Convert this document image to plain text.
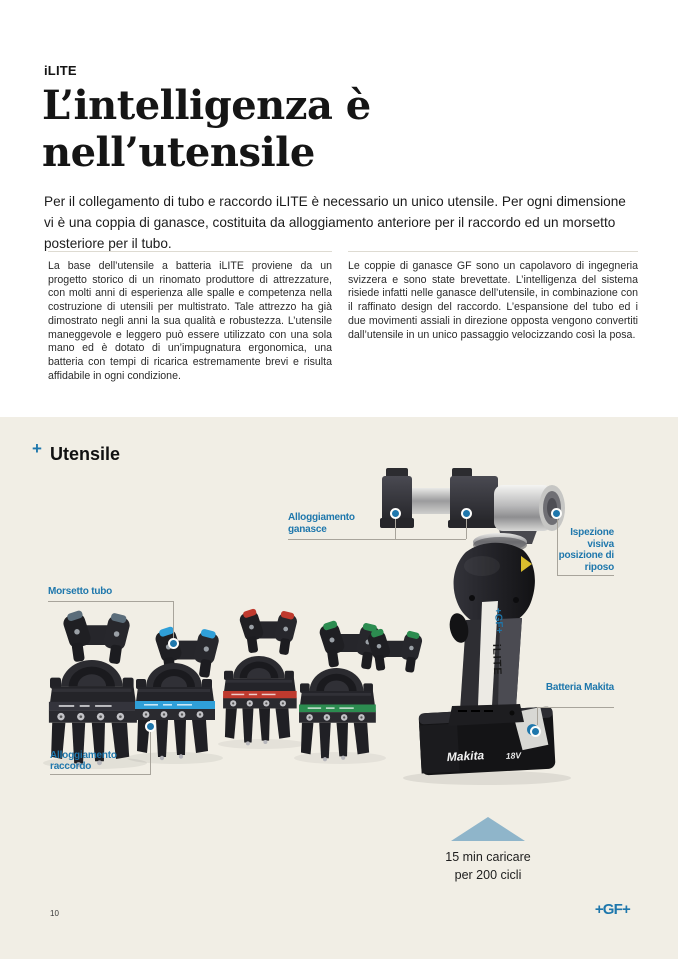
iLITE
L’intelligenza è
nell’utensile

Per il collegamento di tubo e raccordo iLITE è necessario un unico utensile. Per ogni dimensione vi è una coppia di ganasce, costituita da alloggiamento anteriore per il raccordo ed un morsetto posteriore per il tubo.

La base dell’utensile a batteria iLITE proviene da un progetto storico di un rinomato produttore di attrezzature, con molti anni di esperienza alle spalle e competenza nella costruzione di utensili per multistrato. Tale attrezzo ha già dimostrato negli anni la sua qualità e robustezza. L’utensile maneggevole e leggero può essere utilizzato con una sola mano ed è dotato di un’impugnatura ergonomica, una batteria con tempi di ricarica estremamente brevi e risulta affidabile in ogni condizione.
Le coppie di ganasce GF sono un capolavoro di ingegneria svizzera e sono state brevettate. L’intelligenza del sistema risiede infatti nelle ganasce dell’utensile, in combinazione con il raffinato design del raccordo. L’espansione del tubo ed i due movimenti assiali in direzione opposta vengono convertiti dall’utensile in un unico passaggio velocizzando così la posa.
+ Utensile
Makita 18V
+GF+
iLITE
Alloggiamento ganasce	Ispezione visiva posizione di riposo
Morsetto tubo
Alloggiamento raccordo
Batteria Makita
15 min caricare
per 200 cicli
10	+GF+
